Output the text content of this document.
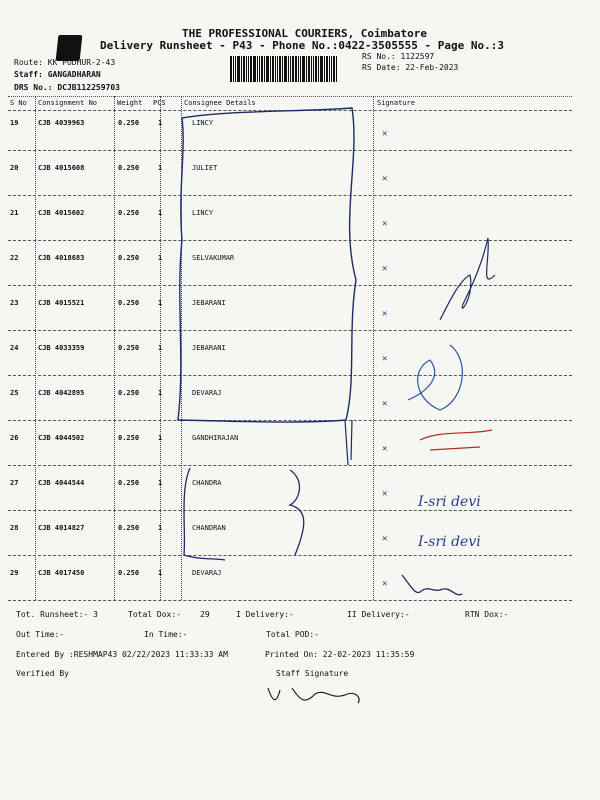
THE PROFESSIONAL COURIERS, Coimbatore
Delivery Runsheet - P43 - Phone No.:0422-3505555 - Page No.:3
Route: KK PUDHUR-2-43
Staff: GANGADHARAN
DRS No.: DCJB112259703
RS No.: 1122597
RS Date: 22-Feb-2023
S No Consignment No	Weight PCS	Consignee Details	Signature
19	CJB 4039963	0.250	1	LINCY
✕
20	CJB 4015608	0.250	1	JULIET
✕
21	CJB 4015602	0.250	1	LINCY
✕
22	CJB 4018683	0.250	1	SELVAKUMAR
✕
23	CJB 4015521	0.250	1	JEBARANI
✕
24	CJB 4033359	0.250	1	JEBARANI
✕
25	CJB 4042895	0.250	1	DEVARAJ
✕
26	CJB 4044502	0.250	1	GANDHIRAJAN
✕
27	CJB 4044544	0.250	1	CHANDRA
✕
28	CJB 4014827	0.250	1	CHANDRAN
✕
29	CJB 4017450	0.250	1	DEVARAJ
✕
I-sri devi
I-sri devi
Tot. Runsheet:- 3	Total Dox:- 29	I Delivery:-	II Delivery:-	RTN Dox:-
Out Time:-	In Time:-	Total POD:-
Entered By :RESHMAP43 02/22/2023 11:33:33 AM	Printed On: 22-02-2023 11:35:59
Verified By	Staff Signature
